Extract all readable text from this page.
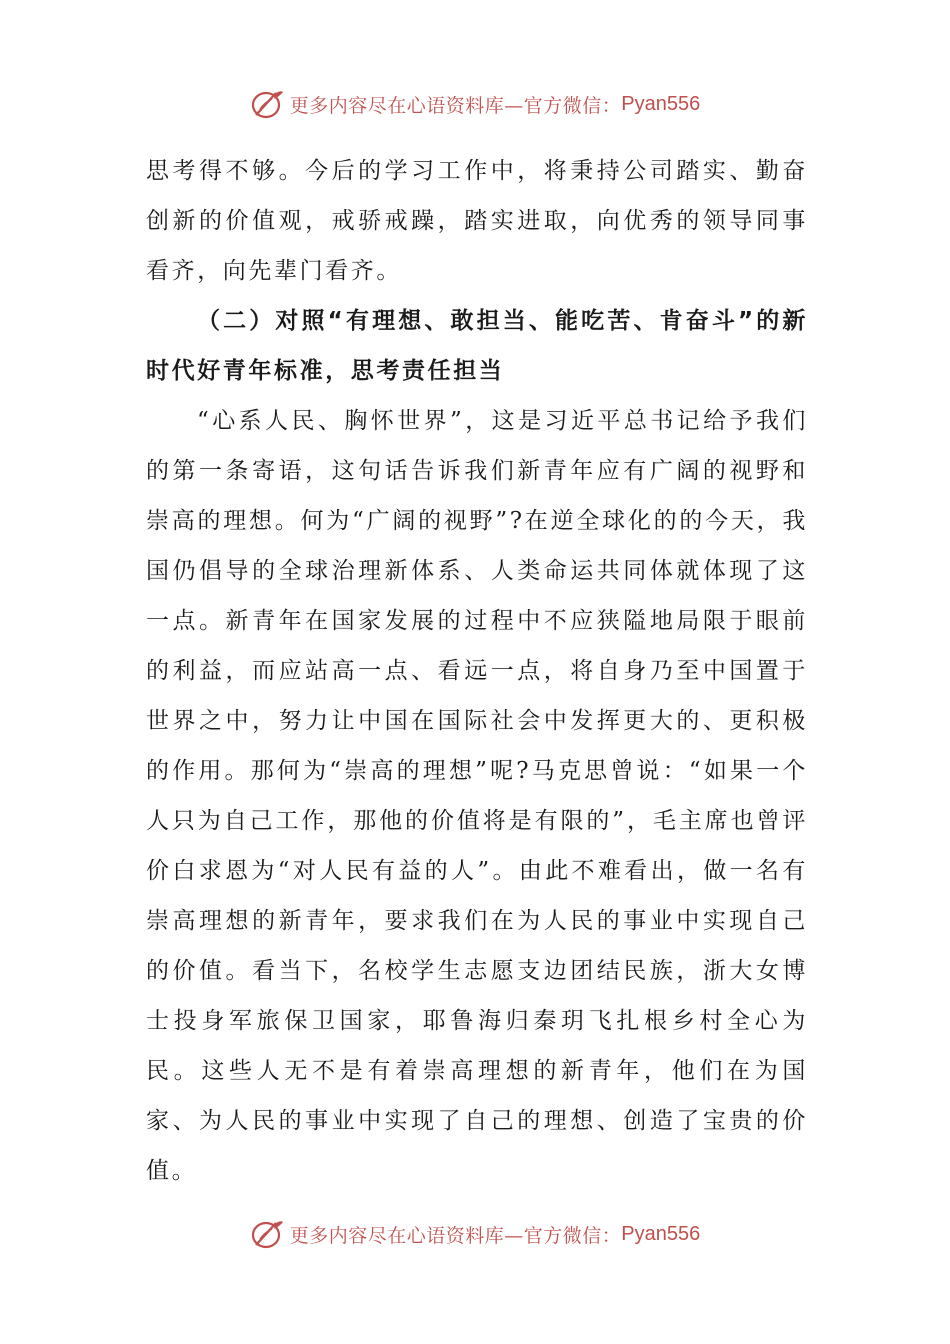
更多内容尽在心语资料库—官方微信： Pyan556

思考得不够。今后的学习工作中，将秉持公司踏实、勤奋创新的价值观，戒骄戒躁，踏实进取，向优秀的领导同事看齐，向先辈门看齐。

（二）对照“有理想、敢担当、能吃苦、肯奋斗”的新时代好青年标准，思考责任担当

“心系人民、胸怀世界”，这是习近平总书记给予我们的第一条寄语，这句话告诉我们新青年应有广阔的视野和崇高的理想。何为“广阔的视野”?在逆全球化的的今天，我国仍倡导的全球治理新体系、人类命运共同体就体现了这一点。新青年在国家发展的过程中不应狭隘地局限于眼前的利益，而应站高一点、看远一点，将自身乃至中国置于世界之中，努力让中国在国际社会中发挥更大的、更积极的作用。那何为“崇高的理想”呢?马克思曾说：“如果一个人只为自己工作，那他的价值将是有限的”，毛主席也曾评价白求恩为“对人民有益的人”。由此不难看出，做一名有崇高理想的新青年，要求我们在为人民的事业中实现自己的价值。看当下，名校学生志愿支边团结民族，浙大女博士投身军旅保卫国家，耶鲁海归秦玥飞扎根乡村全心为民。这些人无不是有着崇高理想的新青年，他们在为国家、为人民的事业中实现了自己的理想、创造了宝贵的价值。

更多内容尽在心语资料库—官方微信： Pyan556
